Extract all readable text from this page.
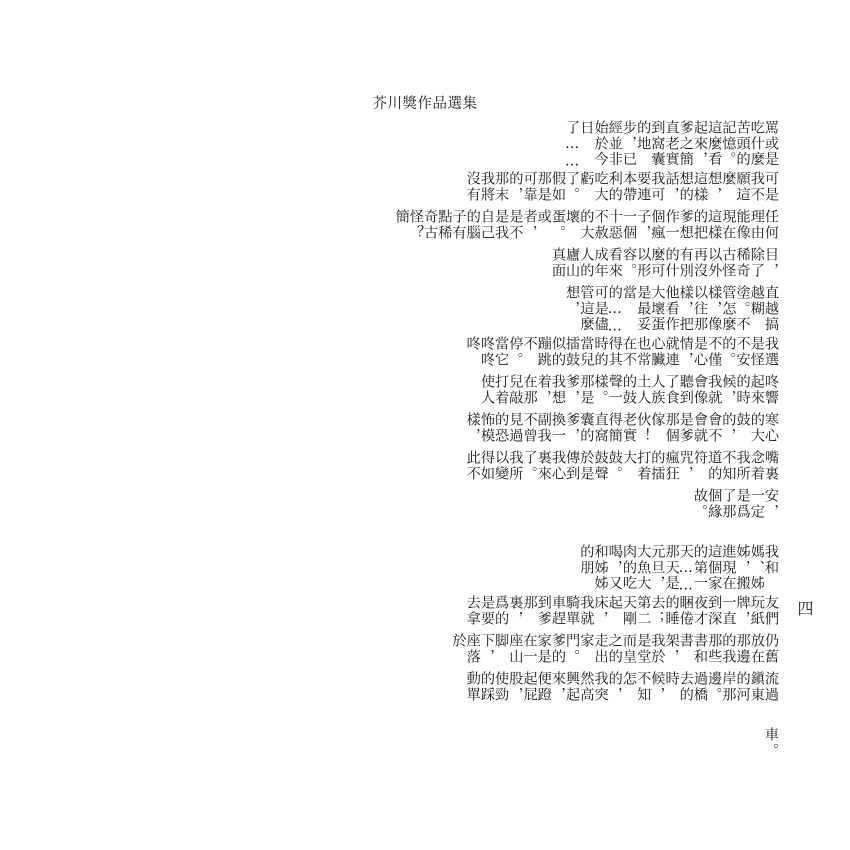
芥川獎作品選集
四
罵或是吃什麼苦頭的記憶。這麼看起來，爹之簡直老實到窩囊的地步，已經並非始於今日了……
可是我不願這麼想，這樣想的話，我可要連本帶利的吃大虧了。假如那是可靠的，那末我將沒有
任何理由能像現在這樣的把爹想作一個瘋子，一個十惡不赦的大壞蛋。或者，是不是我自己的腦子有點稀奇古怪？簡
目，除了稀奇古怪以外再沒有別的什麼可以形容。看來成年人的廬山真面
直越搞越糊塗。不管怎麼樣，像以往那樣，把他看作大壞蛋是最妥當的……可是儘管這麼想，
我選是怪不安的。不僅是心情，就連心臟也常在不得其時的當兒擂鼓似的蹦跳不停。當它咚咚咚
咚響起來的時候，我就會像聽到了食人族土人的鼓聲一樣。那是爹，我想着，在那兒敲打着使人
寒心的大鼓的，會不會就是爹那個傢伙！老實得簡直窩囊的爹，換一副我不曾見過的恐怖模樣，
嘴裏念着我所不知道的符咒，瘋狂的擂打着大鼓。鼓聲於是傳到我心裏來了。我所以變得如此不
安，一定是爲了那個緣故。
我和媽、姊姊，搬進現在這個家的第一天……那天是元旦，大魚大肉的吃喝，又和姊姊的朋
友們玩紙牌，一直到深夜才睏倦的睡去；第二天剛起床，我就騎單車趕到爹那裏，爲的是要去拿
仍舊放在那邊的我那些書和書架，我於是堂而皇之的走出家門。爹的家是在一座山脚下，座落於
流過鎭東的河岸那邊。過橋去的時候，不知怎的，我突然高興起來，便蹬起屁股，使勁的踩動單
車。
